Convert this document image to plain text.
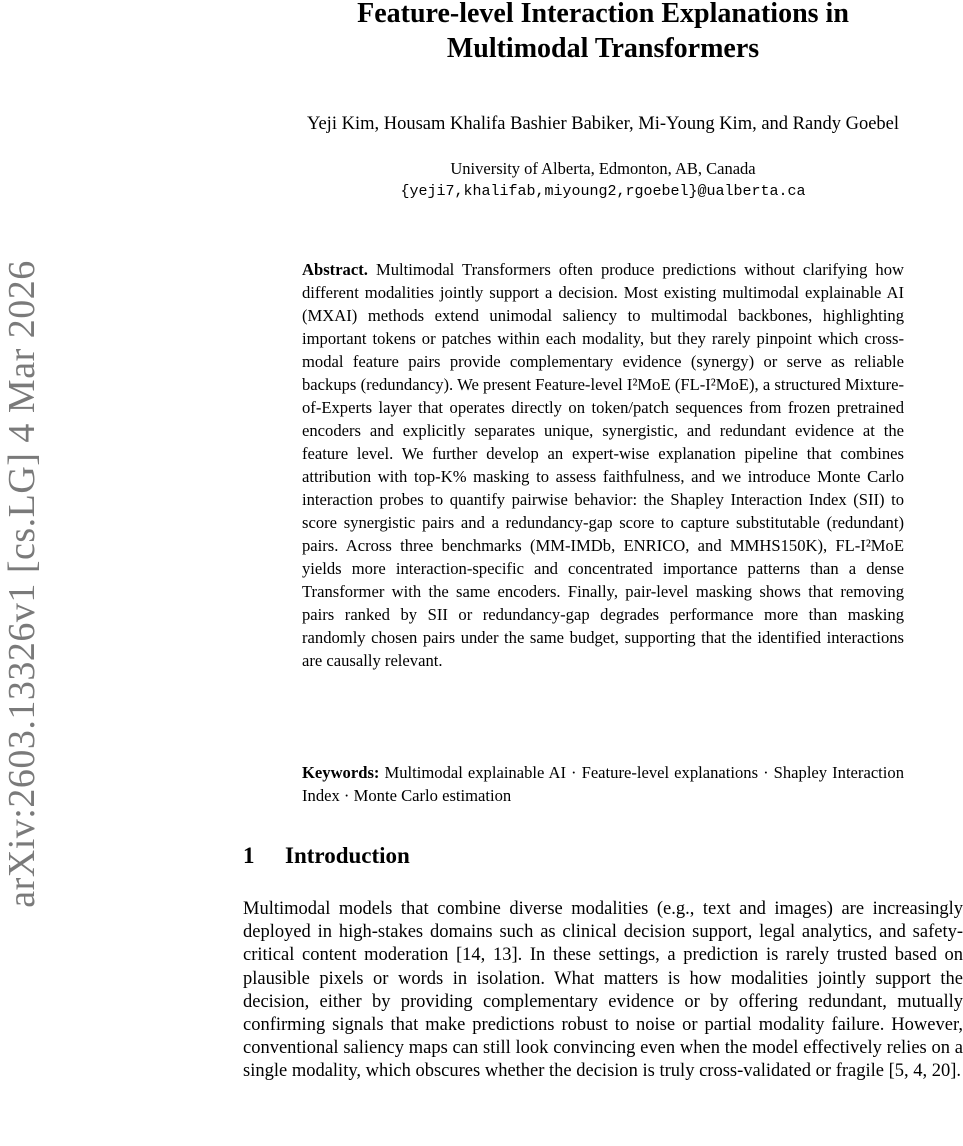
arXiv:2603.13326v1 [cs.LG] 4 Mar 2026
Feature-level Interaction Explanations in
Multimodal Transformers
Yeji Kim, Housam Khalifa Bashier Babiker, Mi-Young Kim, and Randy Goebel
University of Alberta, Edmonton, AB, Canada
{yeji7,khalifab,miyoung2,rgoebel}@ualberta.ca
Abstract. Multimodal Transformers often produce predictions without clarifying how different modalities jointly support a decision. Most existing multimodal explainable AI (MXAI) methods extend unimodal saliency to multimodal backbones, highlighting important tokens or patches within each modality, but they rarely pinpoint which cross-modal feature pairs provide complementary evidence (synergy) or serve as reliable backups (redundancy). We present Feature-level I²MoE (FL-I²MoE), a structured Mixture-of-Experts layer that operates directly on token/patch sequences from frozen pretrained encoders and explicitly separates unique, synergistic, and redundant evidence at the feature level. We further develop an expert-wise explanation pipeline that combines attribution with top-K% masking to assess faithfulness, and we introduce Monte Carlo interaction probes to quantify pairwise behavior: the Shapley Interaction Index (SII) to score synergistic pairs and a redundancy-gap score to capture substitutable (redundant) pairs. Across three benchmarks (MM-IMDb, ENRICO, and MMHS150K), FL-I²MoE yields more interaction-specific and concentrated importance patterns than a dense Transformer with the same encoders. Finally, pair-level masking shows that removing pairs ranked by SII or redundancy-gap degrades performance more than masking randomly chosen pairs under the same budget, supporting that the identified interactions are causally relevant.
Keywords: Multimodal explainable AI · Feature-level explanations · Shapley Interaction Index · Monte Carlo estimation
1 Introduction
Multimodal models that combine diverse modalities (e.g., text and images) are increasingly deployed in high-stakes domains such as clinical decision support, legal analytics, and safety-critical content moderation [14, 13]. In these settings, a prediction is rarely trusted based on plausible pixels or words in isolation. What matters is how modalities jointly support the decision, either by providing complementary evidence or by offering redundant, mutually confirming signals that make predictions robust to noise or partial modality failure. However, conventional saliency maps can still look convincing even when the model effectively relies on a single modality, which obscures whether the decision is truly cross-validated or fragile [5, 4, 20].
